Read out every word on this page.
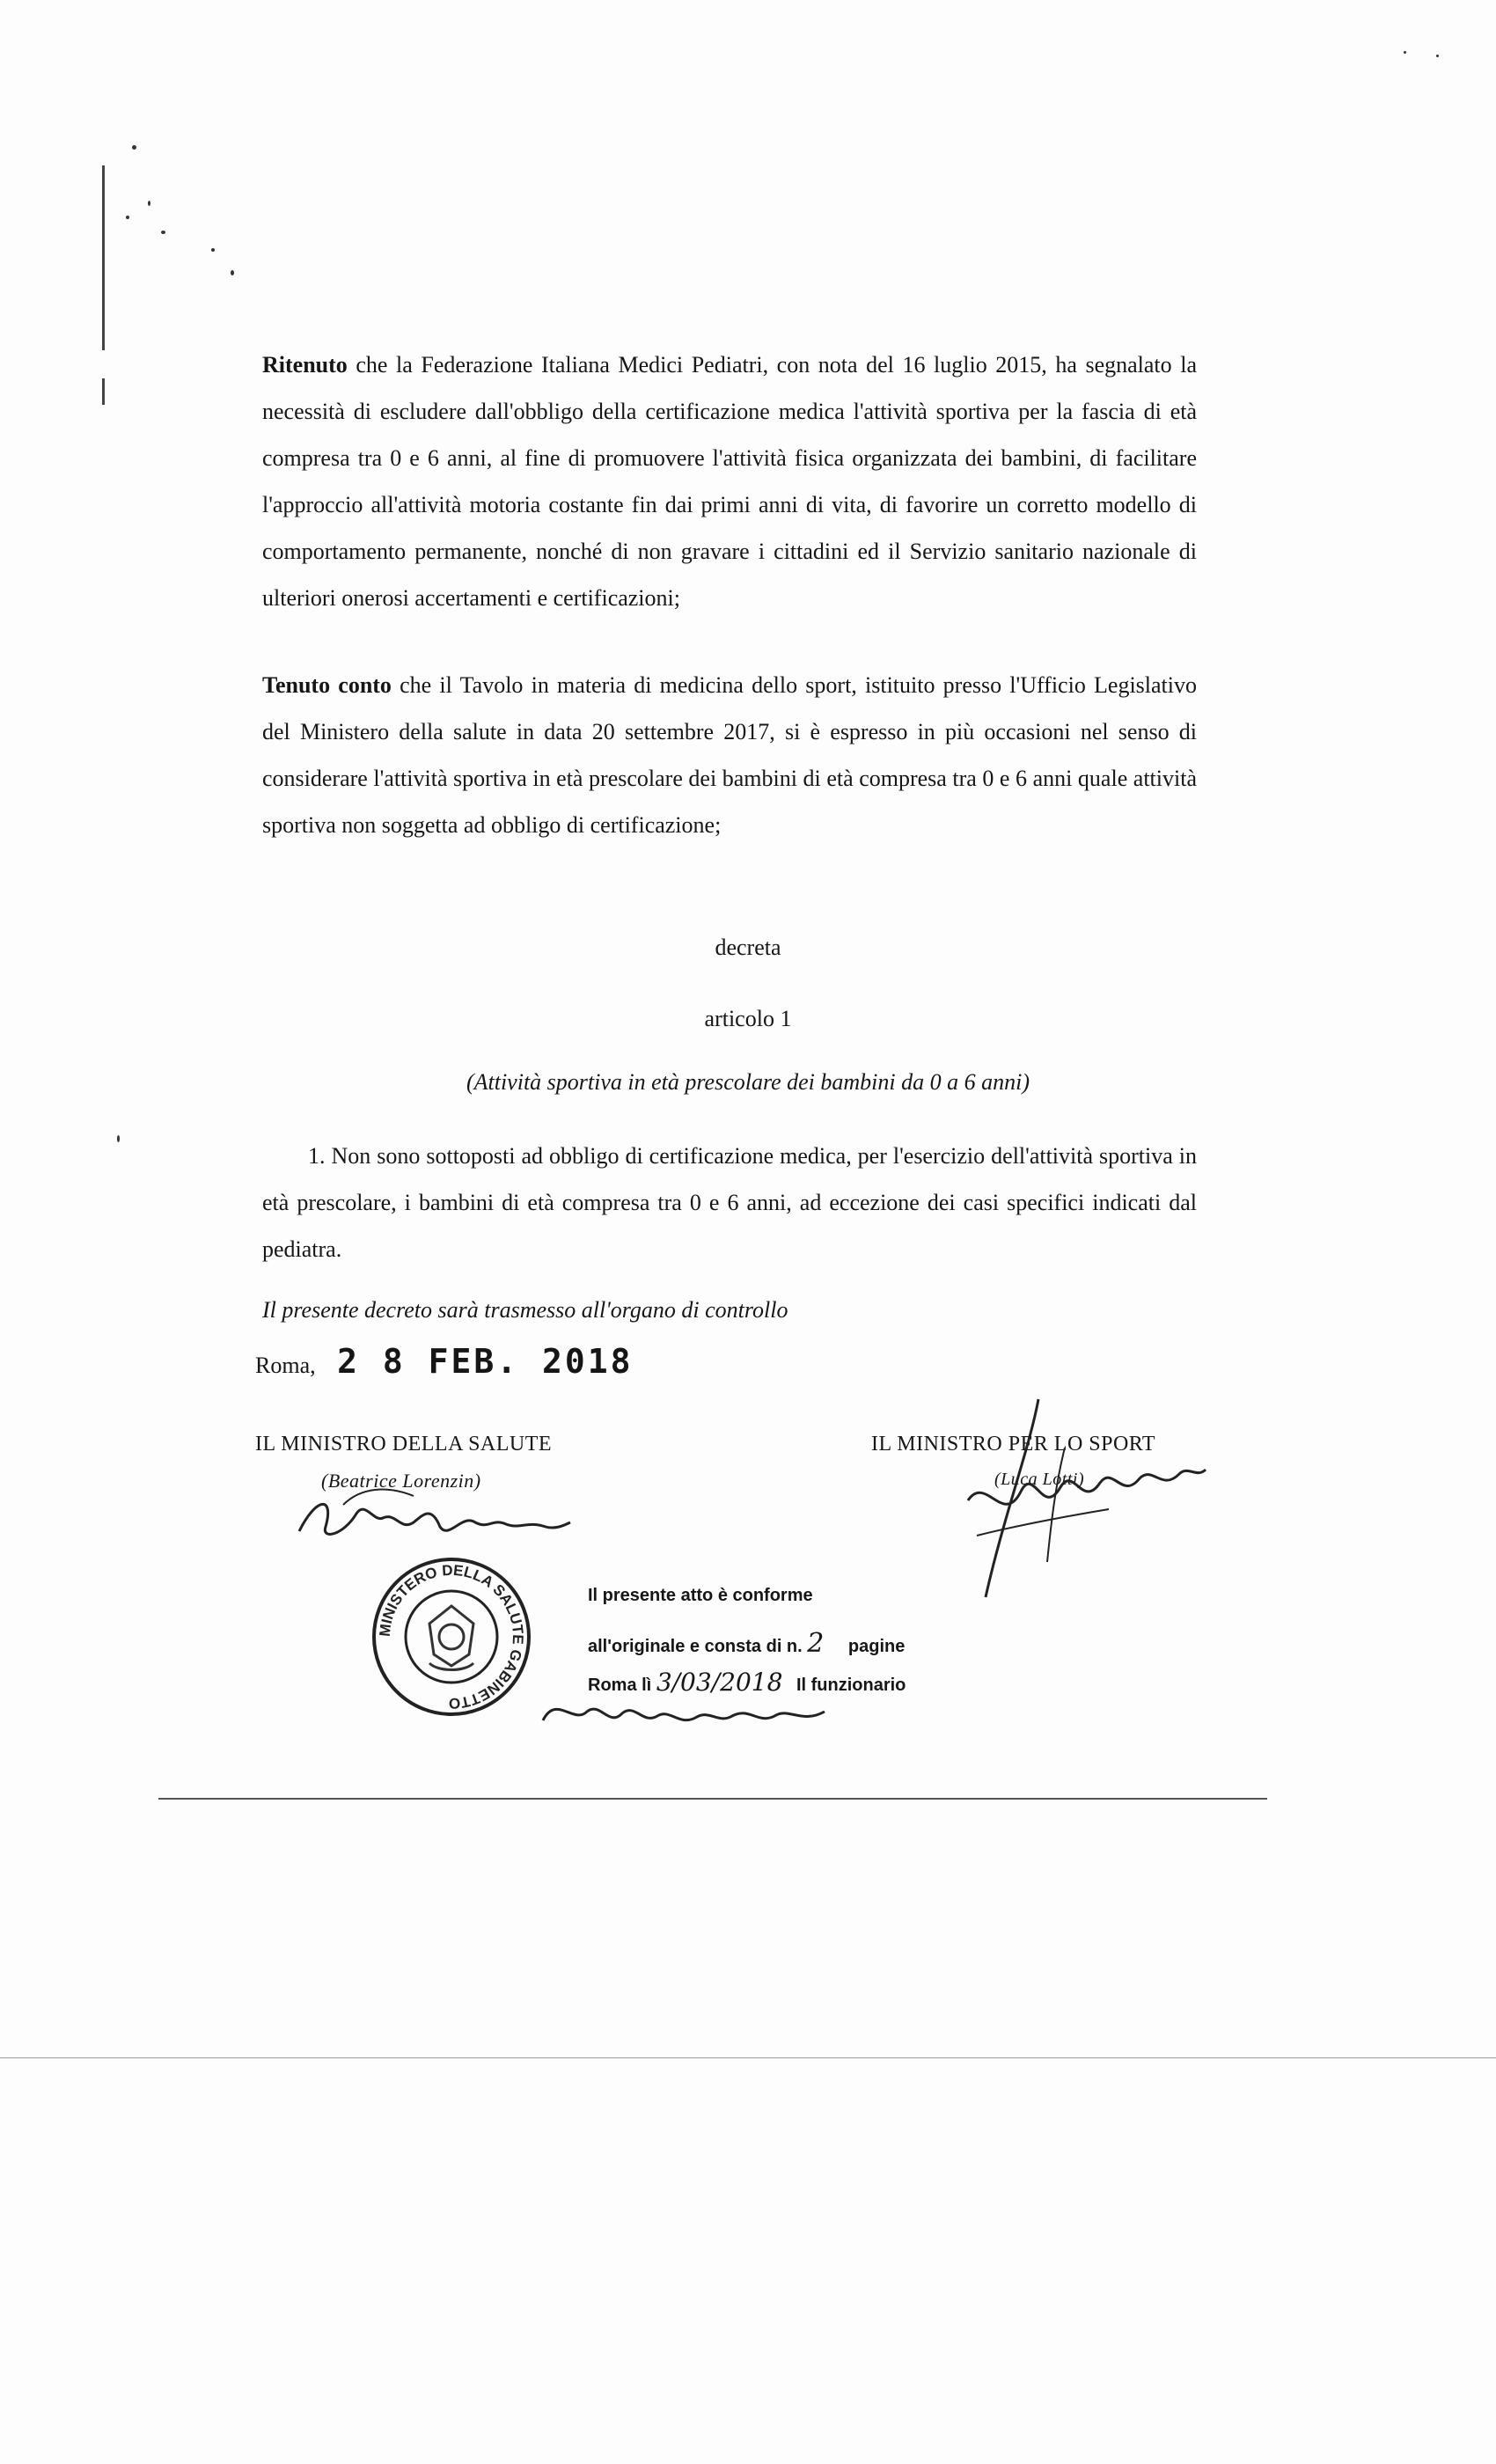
Ritenuto che la Federazione Italiana Medici Pediatri, con nota del 16 luglio 2015, ha segnalato la necessità di escludere dall'obbligo della certificazione medica l'attività sportiva per la fascia di età compresa tra 0 e 6 anni, al fine di promuovere l'attività fisica organizzata dei bambini, di facilitare l'approccio all'attività motoria costante fin dai primi anni di vita, di favorire un corretto modello di comportamento permanente, nonché di non gravare i cittadini ed il Servizio sanitario nazionale di ulteriori onerosi accertamenti e certificazioni;
Tenuto conto che il Tavolo in materia di medicina dello sport, istituito presso l'Ufficio Legislativo del Ministero della salute in data 20 settembre 2017, si è espresso in più occasioni nel senso di considerare l'attività sportiva in età prescolare dei bambini di età compresa tra 0 e 6 anni quale attività sportiva non soggetta ad obbligo di certificazione;
decreta
articolo 1
(Attività sportiva in età prescolare dei bambini da 0 a 6 anni)
1. Non sono sottoposti ad obbligo di certificazione medica, per l'esercizio dell'attività sportiva in età prescolare, i bambini di età compresa tra 0 e 6 anni, ad eccezione dei casi specifici indicati dal pediatra.
Il presente decreto sarà trasmesso all'organo di controllo
Roma, 2 8 FEB. 2018
IL MINISTRO DELLA SALUTE	IL MINISTRO PER LO SPORT
(Beatrice Lorenzin)	(Luca Lotti)
MINISTERO DELLA SALUTE GABINETTO
Il presente atto è conforme
all'originale e consta di n. 2 pagine
Roma lì 3/03/2018 Il funzionario
